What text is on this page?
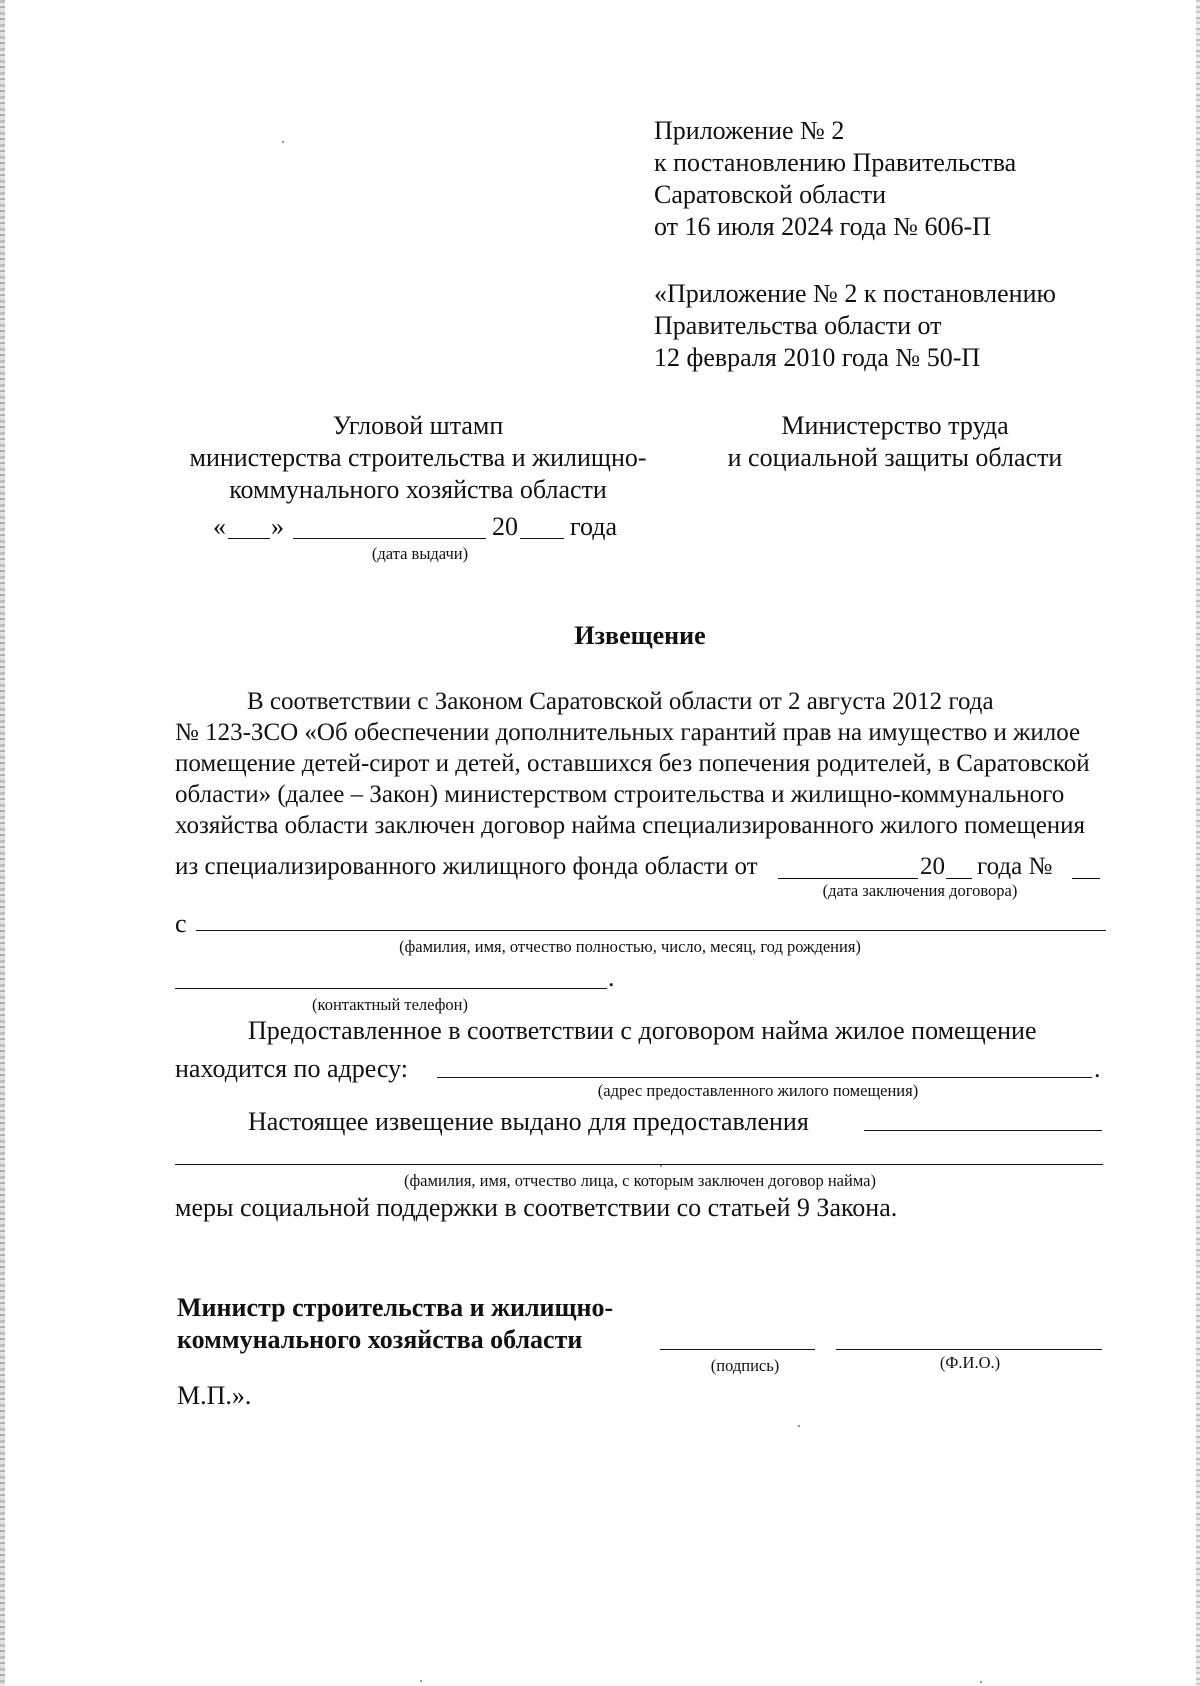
Приложение № 2
к постановлению Правительства
Саратовской области
от 16 июля 2024 года № 606-П
«Приложение № 2 к постановлению
Правительства области от
12 февраля 2010 года № 50-П
Угловой штамп
министерства строительства и жилищно-
коммунального хозяйства области
« »	20 года
(дата выдачи)
Министерство труда
и социальной защиты области
Извещение
В соответствии с Законом Саратовской области от 2 августа 2012 года
№ 123-ЗСО «Об обеспечении дополнительных гарантий прав на имущество и жилое
помещение детей-сирот и детей, оставшихся без попечения родителей, в Саратовской
области» (далее – Закон) министерством строительства и жилищно-коммунального
хозяйства области заключен договор найма специализированного жилого помещения
из специализированного жилищного фонда области от	20 года №
(дата заключения договора)
с
(фамилия, имя, отчество полностью, число, месяц, год рождения)
.
(контактный телефон)
Предоставленное в соответствии с договором найма жилое помещение
находится по адресу:	.
(адрес предоставленного жилого помещения)
Настоящее извещение выдано для предоставления
(фамилия, имя, отчество лица, с которым заключен договор найма)
меры социальной поддержки в соответствии со статьей 9 Закона.
Министр строительства и жилищно-
коммунального хозяйства области
(подпись)	(Ф.И.О.)
М.П.».
